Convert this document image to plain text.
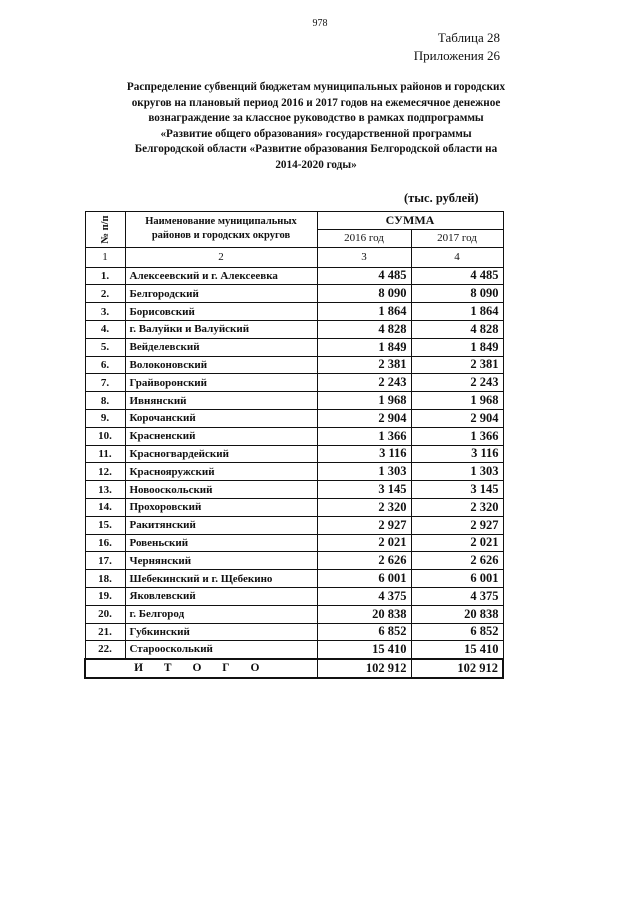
978
Таблица 28
Приложения 26
Распределение субвенций бюджетам муниципальных районов и городских
округов на плановый период 2016 и 2017 годов на ежемесячное денежное
вознаграждение за классное руководство в рамках подпрограммы
«Развитие общего образования» государственной программы
Белгородской области «Развитие образования Белгородской области на
2014-2020 годы»
(тыс. рублей)
№ п/п	Наименование муниципальных
районов и городских округов	СУММА	
		2016 год	2017 год
1	2	3	4
1.	Алексеевский и г. Алексеевка	4 485	4 485
2.	Белгородский	8 090	8 090
3.	Борисовский	1 864	1 864
4.	г. Валуйки и Валуйский	4 828	4 828
5.	Вейделевский	1 849	1 849
6.	Волоконовский	2 381	2 381
7.	Грайворонский	2 243	2 243
8.	Ивнянский	1 968	1 968
9.	Корочанский	2 904	2 904
10.	Красненский	1 366	1 366
11.	Красногвардейский	3 116	3 116
12.	Краснояружский	1 303	1 303
13.	Новооскольский	3 145	3 145
14.	Прохоровский	2 320	2 320
15.	Ракитянский	2 927	2 927
16.	Ровеньский	2 021	2 021
17.	Чернянский	2 626	2 626
18.	Шебекинский и г. Щебекино	6 001	6 001
19.	Яковлевский	4 375	4 375
20.	г. Белгород	20 838	20 838
21.	Губкинский	6 852	6 852
22.	Староосколький	15 410	15 410
И Т О Г О		102 912	102 912
